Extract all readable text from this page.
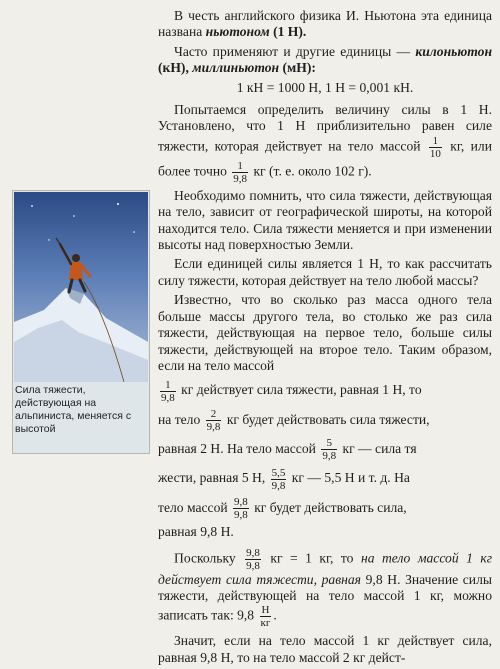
Сила тяжести, действующая на альпиниста, меняется с высотой

В честь английского физика И. Ньютона эта единица названа ньютоном (1 Н).

Часто применяют и другие единицы — килоньютон (кН), миллиньютон (мН):

1 кН = 1000 Н, 1 Н = 0,001 кН.

Попытаемся определить величину силы в 1 Н. Установлено, что 1 Н приблизительно равен силе тяжести, которая действует на тело массой $\frac{1}{10}$ кг, или более точно $\frac{1}{9,8}$ кг (т. е. около 102 г).

Необходимо помнить, что сила тяжести, действующая на тело, зависит от географической широты, на которой находится тело. Сила тяжести меняется и при изменении высоты над поверхностью Земли.

Если единицей силы является 1 Н, то как рассчитать силу тяжести, которая действует на тело любой массы?

Известно, что во сколько раз масса одного тела больше массы другого тела, во столько же раз сила тяжести, действующая на первое тело, больше силы тяжести, действующей на второе тело. Таким образом, если на тело массой

$\frac{1}{9,8}$ кг действует сила тяжести, равная 1 Н, то

на тело $\frac{2}{9,8}$ кг будет действовать сила тяжести,

равная 2 Н. На тело массой $\frac{5}{9,8}$ кг — сила тя

жести, равная 5 Н, $\frac{5,5}{9,8}$ кг — 5,5 Н и т. д. На

тело массой $\frac{9,8}{9,8}$ кг будет действовать сила,

равная 9,8 Н.

Поскольку $\frac{9,8}{9,8}$ кг = 1 кг, то на тело массой 1 кг действует сила тяжести, равная 9,8 Н. Значение силы тяжести, действующей на тело массой 1 кг, можно записать так: $9,8 \frac{Н}{кг}$ .

Значит, если на тело массой 1 кг действует сила, равная 9,8 Н, то на тело массой 2 кг дейст-
